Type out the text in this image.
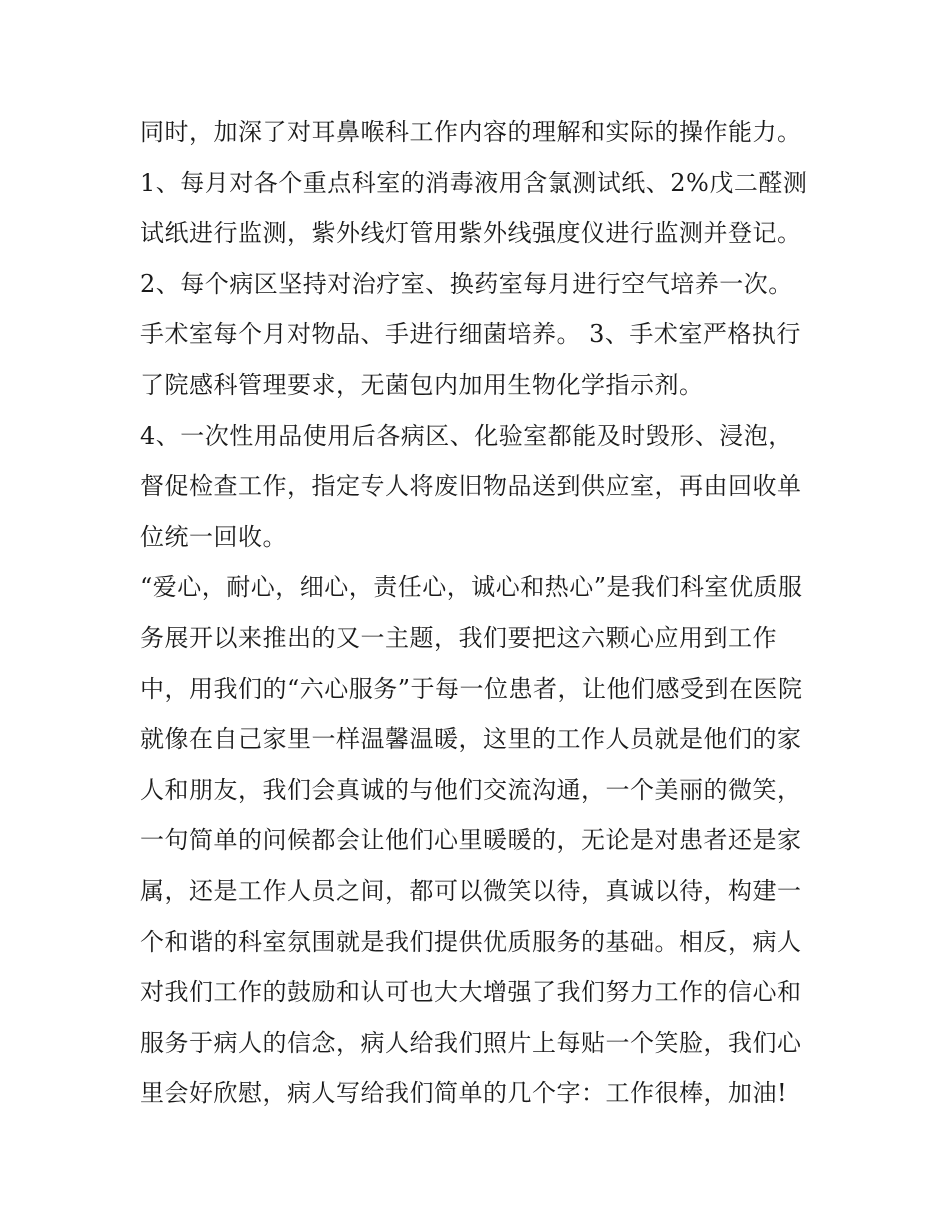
同时，加深了对耳鼻喉科工作内容的理解和实际的操作能力。
1、每月对各个重点科室的消毒液用含氯测试纸、2%戊二醛测
试纸进行监测，紫外线灯管用紫外线强度仪进行监测并登记。
2、每个病区坚持对治疗室、换药室每月进行空气培养一次。
手术室每个月对物品、手进行细菌培养。 3、手术室严格执行
了院感科管理要求，无菌包内加用生物化学指示剂。
4、一次性用品使用后各病区、化验室都能及时毁形、浸泡，
督促检查工作，指定专人将废旧物品送到供应室，再由回收单
位统一回收。
“爱心，耐心，细心，责任心，诚心和热心”是我们科室优质服
务展开以来推出的又一主题，我们要把这六颗心应用到工作
中，用我们的“六心服务”于每一位患者，让他们感受到在医院
就像在自己家里一样温馨温暖，这里的工作人员就是他们的家
人和朋友，我们会真诚的与他们交流沟通，一个美丽的微笑，
一句简单的问候都会让他们心里暖暖的，无论是对患者还是家
属，还是工作人员之间，都可以微笑以待，真诚以待，构建一
个和谐的科室氛围就是我们提供优质服务的基础。相反，病人
对我们工作的鼓励和认可也大大增强了我们努力工作的信心和
服务于病人的信念，病人给我们照片上每贴一个笑脸，我们心
里会好欣慰，病人写给我们简单的几个字：工作很棒，加油!
